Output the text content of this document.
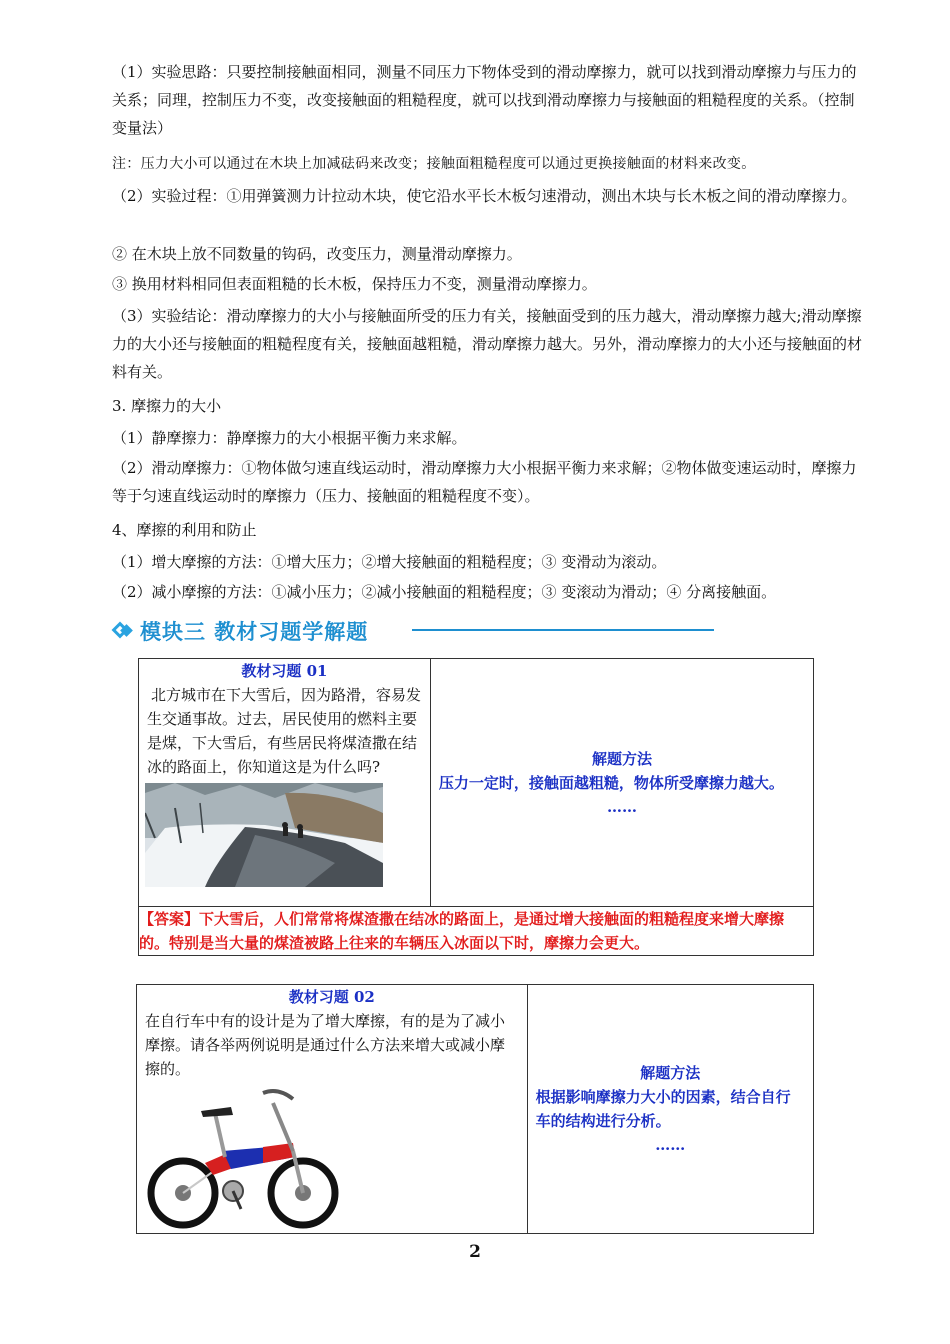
（1）实验思路：只要控制接触面相同，测量不同压力下物体受到的滑动摩擦力，就可以找到滑动摩擦力与压力的关系；同理，控制压力不变，改变接触面的粗糙程度，就可以找到滑动摩擦力与接触面的粗糙程度的关系。（控制变量法）

注：压力大小可以通过在木块上加减砝码来改变；接触面粗糙程度可以通过更换接触面的材料来改变。

（2）实验过程：①用弹簧测力计拉动木块，使它沿水平长木板匀速滑动，测出木块与长木板之间的滑动摩擦力。

② 在木块上放不同数量的钩码，改变压力，测量滑动摩擦力。

③ 换用材料相同但表面粗糙的长木板，保持压力不变，测量滑动摩擦力。

（3）实验结论：滑动摩擦力的大小与接触面所受的压力有关，接触面受到的压力越大，滑动摩擦力越大;滑动摩擦力的大小还与接触面的粗糙程度有关，接触面越粗糙，滑动摩擦力越大。另外，滑动摩擦力的大小还与接触面的材料有关。

3. 摩擦力的大小

（1）静摩擦力：静摩擦力的大小根据平衡力来求解。

（2）滑动摩擦力：①物体做匀速直线运动时，滑动摩擦力大小根据平衡力来求解；②物体做变速运动时，摩擦力等于匀速直线运动时的摩擦力（压力、接触面的粗糙程度不变）。

4、摩擦的利用和防止

（1）增大摩擦的方法：①增大压力；②增大接触面的粗糙程度；③ 变滑动为滚动。

（2）减小摩擦的方法：①减小压力；②减小接触面的粗糙程度；③ 变滚动为滑动；④ 分离接触面。

模块三 教材习题学解题
教材习题 01
北方城市在下大雪后，因为路滑，容易发生交通事故。过去，居民使用的燃料主要是煤，下大雪后，有些居民将煤渣撒在结冰的路面上，你知道这是为什么吗?	解题方法
压力一定时，接触面越粗糙，物体所受摩擦力越大。
……

【答案】下大雪后，人们常常将煤渣撒在结冰的路面上，是通过增大接触面的粗糙程度来增大摩擦的。特别是当大量的煤渣被路上往来的车辆压入冰面以下时，摩擦力会更大。
教材习题 02
在自行车中有的设计是为了增大摩擦，有的是为了减小摩擦。请各举两例说明是通过什么方法来增大或减小摩擦的。	解题方法
根据影响摩擦力大小的因素，结合自行车的结构进行分析。
……
2
